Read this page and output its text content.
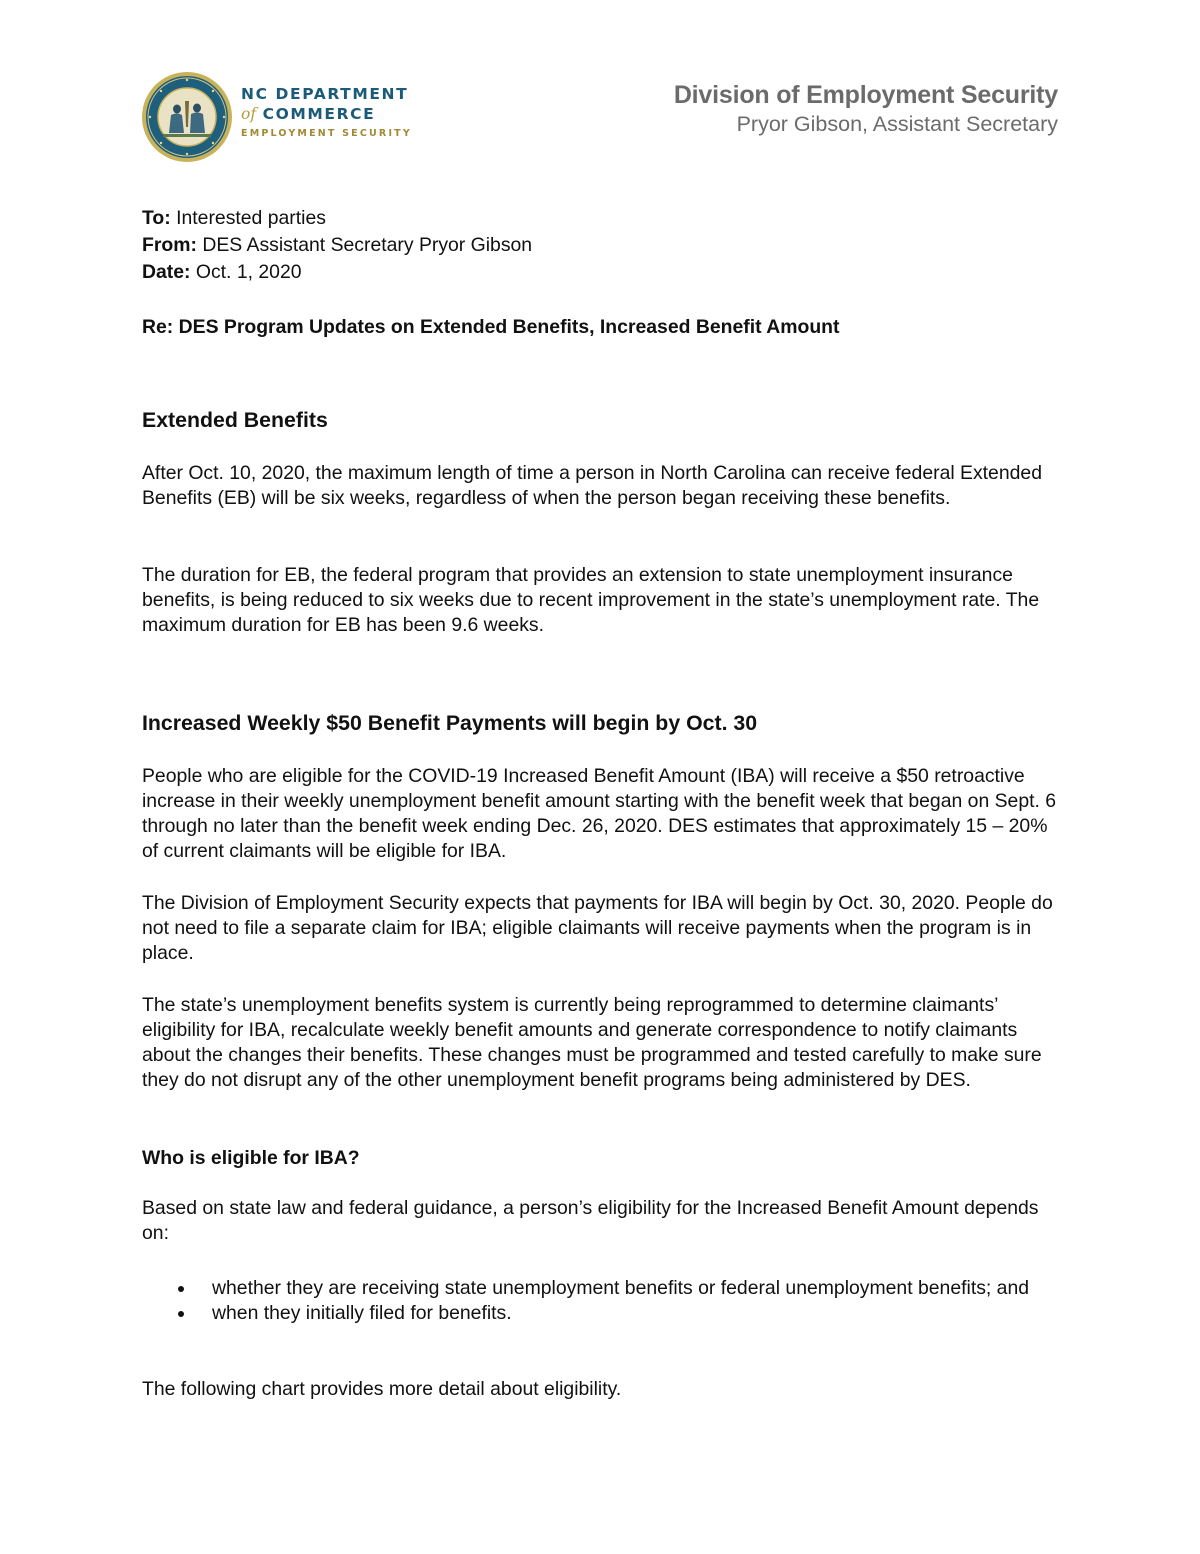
NC DEPARTMENT
of COMMERCE
EMPLOYMENT SECURITY
Division of Employment Security
Pryor Gibson, Assistant Secretary
To: Interested parties
From: DES Assistant Secretary Pryor Gibson
Date: Oct. 1, 2020
Re: DES Program Updates on Extended Benefits, Increased Benefit Amount
Extended Benefits

After Oct. 10, 2020, the maximum length of time a person in North Carolina can receive federal Extended Benefits (EB) will be six weeks, regardless of when the person began receiving these benefits.

The duration for EB, the federal program that provides an extension to state unemployment insurance benefits, is being reduced to six weeks due to recent improvement in the state’s unemployment rate. The maximum duration for EB has been 9.6 weeks.

Increased Weekly $50 Benefit Payments will begin by Oct. 30

People who are eligible for the COVID-19 Increased Benefit Amount (IBA) will receive a $50 retroactive increase in their weekly unemployment benefit amount starting with the benefit week that began on Sept. 6 through no later than the benefit week ending Dec. 26, 2020. DES estimates that approximately 15 – 20% of current claimants will be eligible for IBA.

The Division of Employment Security expects that payments for IBA will begin by Oct. 30, 2020. People do not need to file a separate claim for IBA; eligible claimants will receive payments when the program is in place.

The state’s unemployment benefits system is currently being reprogrammed to determine claimants’ eligibility for IBA, recalculate weekly benefit amounts and generate correspondence to notify claimants about the changes their benefits. These changes must be programmed and tested carefully to make sure they do not disrupt any of the other unemployment benefit programs being administered by DES.

Who is eligible for IBA?

Based on state law and federal guidance, a person’s eligibility for the Increased Benefit Amount depends on:

whether they are receiving state unemployment benefits or federal unemployment benefits; and
when they initially filed for benefits.

The following chart provides more detail about eligibility.
